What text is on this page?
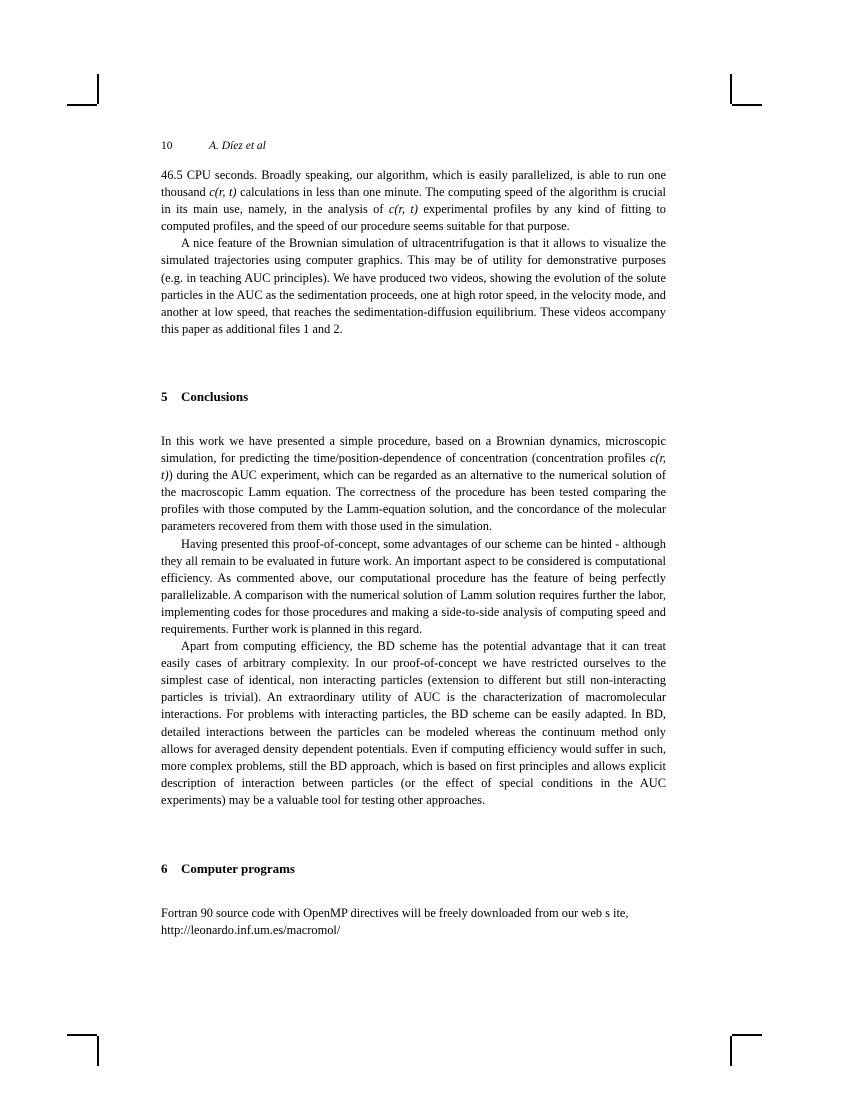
10	A. Díez et al

46.5 CPU seconds. Broadly speaking, our algorithm, which is easily parallelized, is able to run one thousand c(r, t) calculations in less than one minute. The computing speed of the algorithm is crucial in its main use, namely, in the analysis of c(r, t) experimental profiles by any kind of fitting to computed profiles, and the speed of our procedure seems suitable for that purpose.

A nice feature of the Brownian simulation of ultracentrifugation is that it allows to visualize the simulated trajectories using computer graphics. This may be of utility for demonstrative purposes (e.g. in teaching AUC principles). We have produced two videos, showing the evolution of the solute particles in the AUC as the sedimentation proceeds, one at high rotor speed, in the velocity mode, and another at low speed, that reaches the sedimentation-diffusion equilibrium. These videos accompany this paper as additional files 1 and 2.

5 Conclusions

In this work we have presented a simple procedure, based on a Brownian dynamics, microscopic simulation, for predicting the time/position-dependence of concentration (concentration profiles c(r, t)) during the AUC experiment, which can be regarded as an alternative to the numerical solution of the macroscopic Lamm equation. The correctness of the procedure has been tested comparing the profiles with those computed by the Lamm-equation solution, and the concordance of the molecular parameters recovered from them with those used in the simulation.

Having presented this proof-of-concept, some advantages of our scheme can be hinted - although they all remain to be evaluated in future work. An important aspect to be considered is computational efficiency. As commented above, our computational procedure has the feature of being perfectly parallelizable. A comparison with the numerical solution of Lamm solution requires further the labor, implementing codes for those procedures and making a side-to-side analysis of computing speed and requirements. Further work is planned in this regard.

Apart from computing efficiency, the BD scheme has the potential advantage that it can treat easily cases of arbitrary complexity. In our proof-of-concept we have restricted ourselves to the simplest case of identical, non interacting particles (extension to different but still non-interacting particles is trivial). An extraordinary utility of AUC is the characterization of macromolecular interactions. For problems with interacting particles, the BD scheme can be easily adapted. In BD, detailed interactions between the particles can be modeled whereas the continuum method only allows for averaged density dependent potentials. Even if computing efficiency would suffer in such, more complex problems, still the BD approach, which is based on first principles and allows explicit description of interaction between particles (or the effect of special conditions in the AUC experiments) may be a valuable tool for testing other approaches.

6 Computer programs

Fortran 90 source code with OpenMP directives will be freely downloaded from our web s ite, http://leonardo.inf.um.es/macromol/
